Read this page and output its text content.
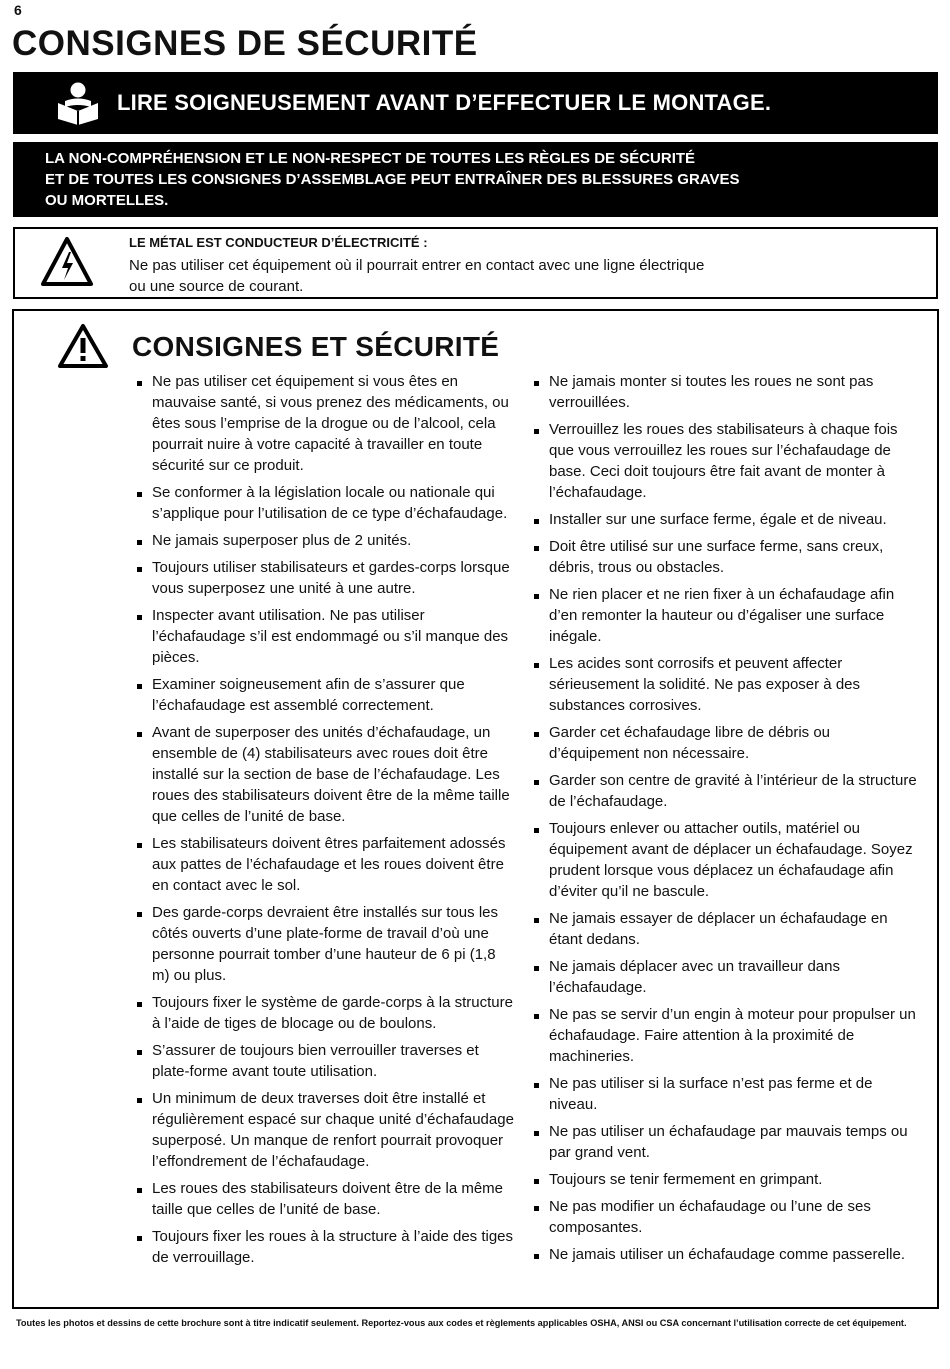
6
CONSIGNES DE SÉCURITÉ
LIRE SOIGNEUSEMENT AVANT D’EFFECTUER LE MONTAGE.
LA NON-COMPRÉHENSION ET LE NON-RESPECT DE TOUTES LES RÈGLES DE SÉCURITÉ
ET DE TOUTES LES CONSIGNES D’ASSEMBLAGE PEUT ENTRAÎNER DES BLESSURES GRAVES
OU MORTELLES.
LE MÉTAL EST CONDUCTEUR D’ÉLECTRICITÉ :
Ne pas utiliser cet équipement où il pourrait entrer en contact avec une ligne électrique
ou une source de courant.
CONSIGNES ET SÉCURITÉ
Ne pas utiliser cet équipement si vous êtes en mauvaise santé, si vous prenez des médicaments, ou êtes sous l’emprise de la drogue ou de l’alcool, cela pourrait nuire à votre capacité à travailler en toute sécurité sur ce produit.
Se conformer à la législation locale ou nationale qui s’applique pour l’utilisation de ce type d’échafaudage.
Ne jamais superposer plus de 2 unités.
Toujours utiliser stabilisateurs et gardes-corps lorsque vous superposez une unité à une autre.
Inspecter avant utilisation. Ne pas utiliser l’échafaudage s’il est endommagé ou s’il manque des pièces.
Examiner soigneusement afin de s’assurer que l’échafaudage est assemblé correctement.
Avant de superposer des unités d’échafaudage, un ensemble de (4) stabilisateurs avec roues doit être installé sur la section de base de l’échafaudage. Les roues des stabilisateurs doivent être de la même taille que celles de l’unité de base.
Les stabilisateurs doivent êtres parfaitement adossés aux pattes de l’échafaudage et les roues doivent être en contact avec le sol.
Des garde-corps devraient être installés sur tous les côtés ouverts d’une plate-forme de travail d’où une personne pourrait tomber d’une hauteur de 6 pi (1,8 m) ou plus.
Toujours fixer le système de garde-corps à la structure à l’aide de tiges de blocage ou de boulons.
S’assurer de toujours bien verrouiller traverses et plate-forme avant toute utilisation.
Un minimum de deux traverses doit être installé et régulièrement espacé sur chaque unité d’échafaudage superposé. Un manque de renfort pourrait provoquer l’effondrement de l’échafaudage.
Les roues des stabilisateurs doivent être de la même taille que celles de l’unité de base.
Toujours fixer les roues à la structure à l’aide des tiges de verrouillage.
Ne jamais monter si toutes les roues ne sont pas verrouillées.
Verrouillez les roues des stabilisateurs à chaque fois que vous verrouillez les roues sur l’échafaudage de base. Ceci doit toujours être fait avant de monter à l’échafaudage.
Installer sur une surface ferme, égale et de niveau.
Doit être utilisé sur une surface ferme, sans creux, débris, trous ou obstacles.
Ne rien placer et ne rien fixer à un échafaudage afin d’en remonter la hauteur ou d’égaliser une surface inégale.
Les acides sont corrosifs et peuvent affecter sérieusement la solidité. Ne pas exposer à des substances corrosives.
Garder cet échafaudage libre de débris ou d’équipement non nécessaire.
Garder son centre de gravité à l’intérieur de la structure de l’échafaudage.
Toujours enlever ou attacher outils, matériel ou équipement avant de déplacer un échafaudage. Soyez prudent lorsque vous déplacez un échafaudage afin d’éviter qu’il ne bascule.
Ne jamais essayer de déplacer un échafaudage en étant dedans.
Ne jamais déplacer avec un travailleur dans l’échafaudage.
Ne pas se servir d’un engin à moteur pour propulser un échafaudage. Faire attention à la proximité de machineries.
Ne pas utiliser si la surface n’est pas ferme et de niveau.
Ne pas utiliser un échafaudage par mauvais temps ou par grand vent.
Toujours se tenir fermement en grimpant.
Ne pas modifier un échafaudage ou l’une de ses composantes.
Ne jamais utiliser un échafaudage comme passerelle.
Toutes les photos et dessins de cette brochure sont à titre indicatif seulement. Reportez-vous aux codes et règlements applicables OSHA, ANSI ou CSA concernant l’utilisation correcte de cet équipement.
